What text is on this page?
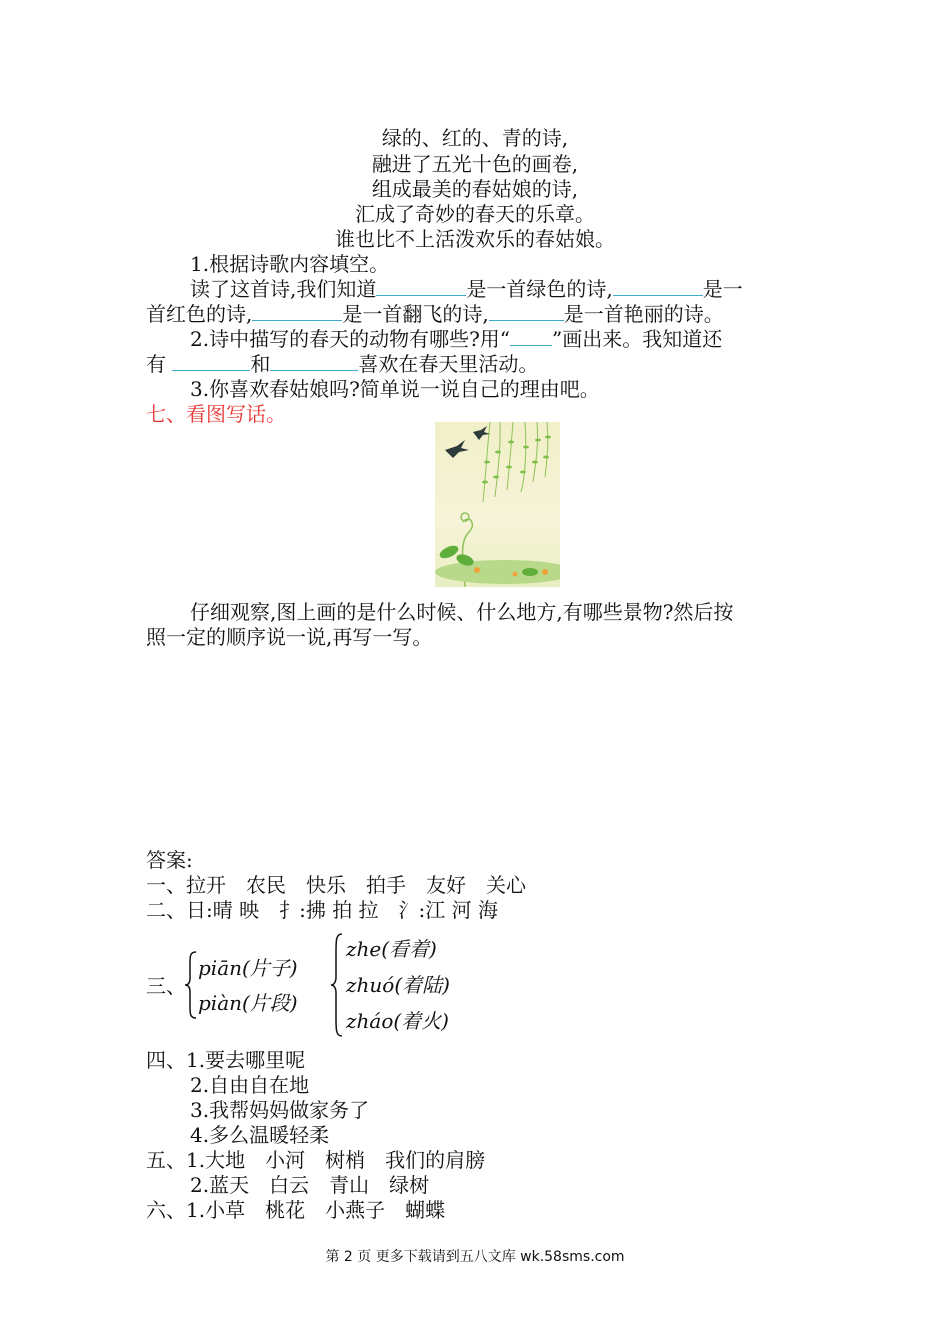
绿的、红的、青的诗,
融进了五光十色的画卷,
组成最美的春姑娘的诗,
汇成了奇妙的春天的乐章。
谁也比不上活泼欢乐的春姑娘。
1.根据诗歌内容填空。
读了这首诗,我们知道	是一首绿色的诗,	是一
首红色的诗,	是一首翻飞的诗,	是一首艳丽的诗。
2.诗中描写的春天的动物有哪些?用“ ”画出来。我知道还
有	和	喜欢在春天里活动。
3.你喜欢春姑娘吗?简单说一说自己的理由吧。
七、看图写话。
仔细观察,图上画的是什么时候、什么地方,有哪些景物?然后按
照一定的顺序说一说,再写一写。
答案:
一、拉开　农民　快乐　拍手　友好　关心
二、日:晴 映　扌:拂 拍 拉　氵:江 河 海
三、
piān(片子)
piàn(片段)
zhe(看着)
zhuó(着陆)
zháo(着火)
四、1.要去哪里呢
2.自由自在地
3.我帮妈妈做家务了
4.多么温暖轻柔
五、1.大地　小河　树梢　我们的肩膀
2.蓝天　白云　青山　绿树
六、1.小草　桃花　小燕子　蝴蝶
第 2 页 更多下载请到五八文库 wk.58sms.com
